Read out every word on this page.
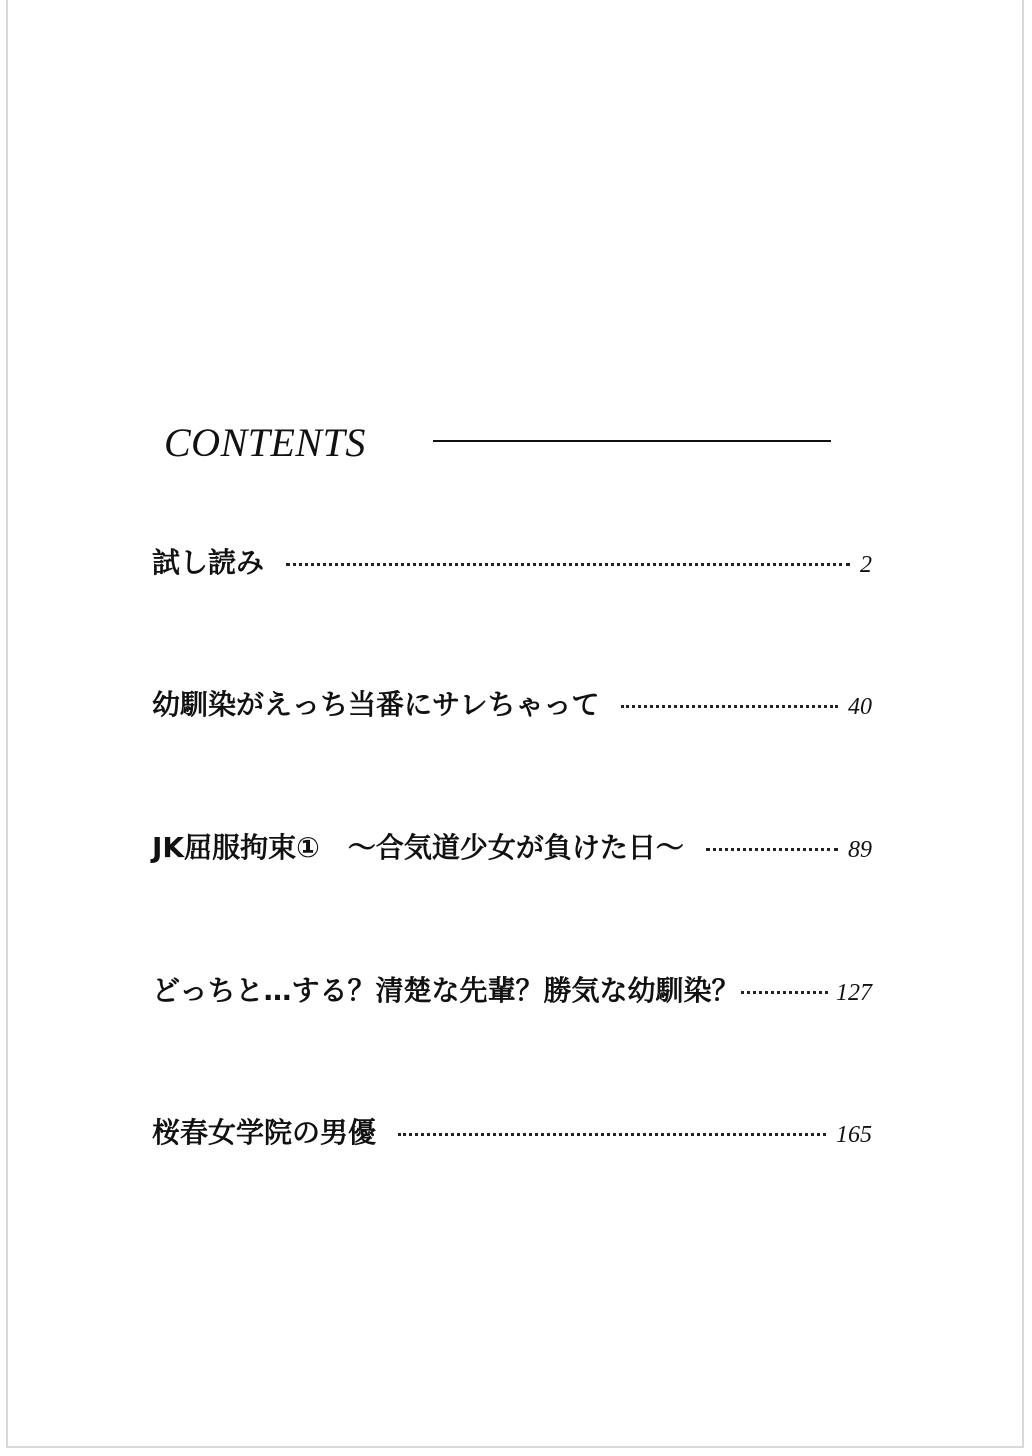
CONTENTS
試し読み	2
幼馴染がえっち当番にサレちゃって	40
JK屈服拘束①　～合気道少女が負けた日～	89
どっちと…する？清楚な先輩？勝気な幼馴染？	127
桜春女学院の男優	165
